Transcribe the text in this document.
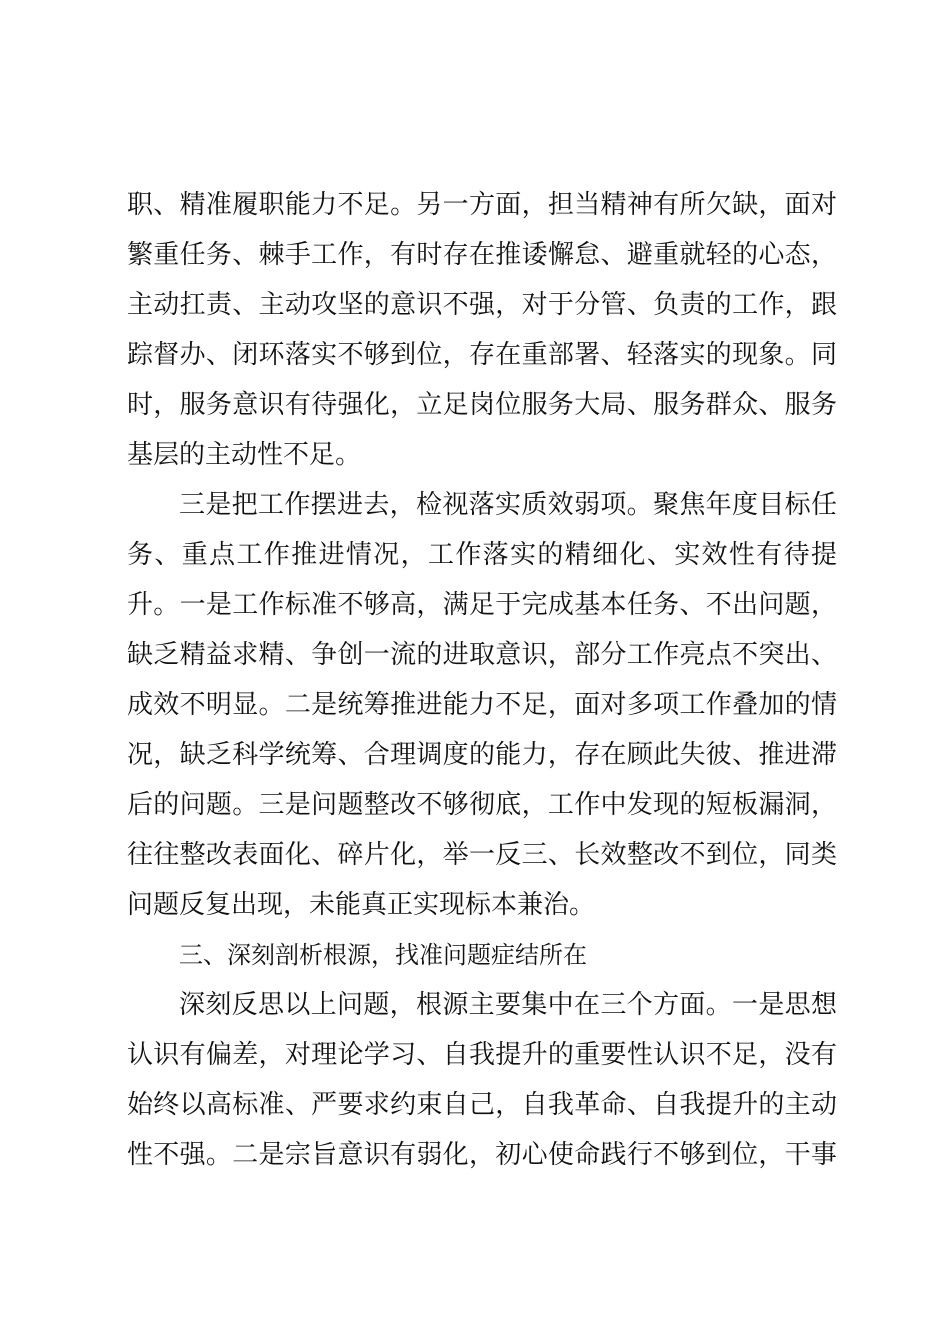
职、精准履职能力不足。另一方面，担当精神有所欠缺，面对
繁重任务、棘手工作，有时存在推诿懈怠、避重就轻的心态，
主动扛责、主动攻坚的意识不强，对于分管、负责的工作，跟
踪督办、闭环落实不够到位，存在重部署、轻落实的现象。同
时，服务意识有待强化，立足岗位服务大局、服务群众、服务
基层的主动性不足。
三是把工作摆进去，检视落实质效弱项。聚焦年度目标任
务、重点工作推进情况，工作落实的精细化、实效性有待提
升。一是工作标准不够高，满足于完成基本任务、不出问题，
缺乏精益求精、争创一流的进取意识，部分工作亮点不突出、
成效不明显。二是统筹推进能力不足，面对多项工作叠加的情
况，缺乏科学统筹、合理调度的能力，存在顾此失彼、推进滞
后的问题。三是问题整改不够彻底，工作中发现的短板漏洞，
往往整改表面化、碎片化，举一反三、长效整改不到位，同类
问题反复出现，未能真正实现标本兼治。
三、深刻剖析根源，找准问题症结所在
深刻反思以上问题，根源主要集中在三个方面。一是思想
认识有偏差，对理论学习、自我提升的重要性认识不足，没有
始终以高标准、严要求约束自己，自我革命、自我提升的主动
性不强。二是宗旨意识有弱化，初心使命践行不够到位，干事
